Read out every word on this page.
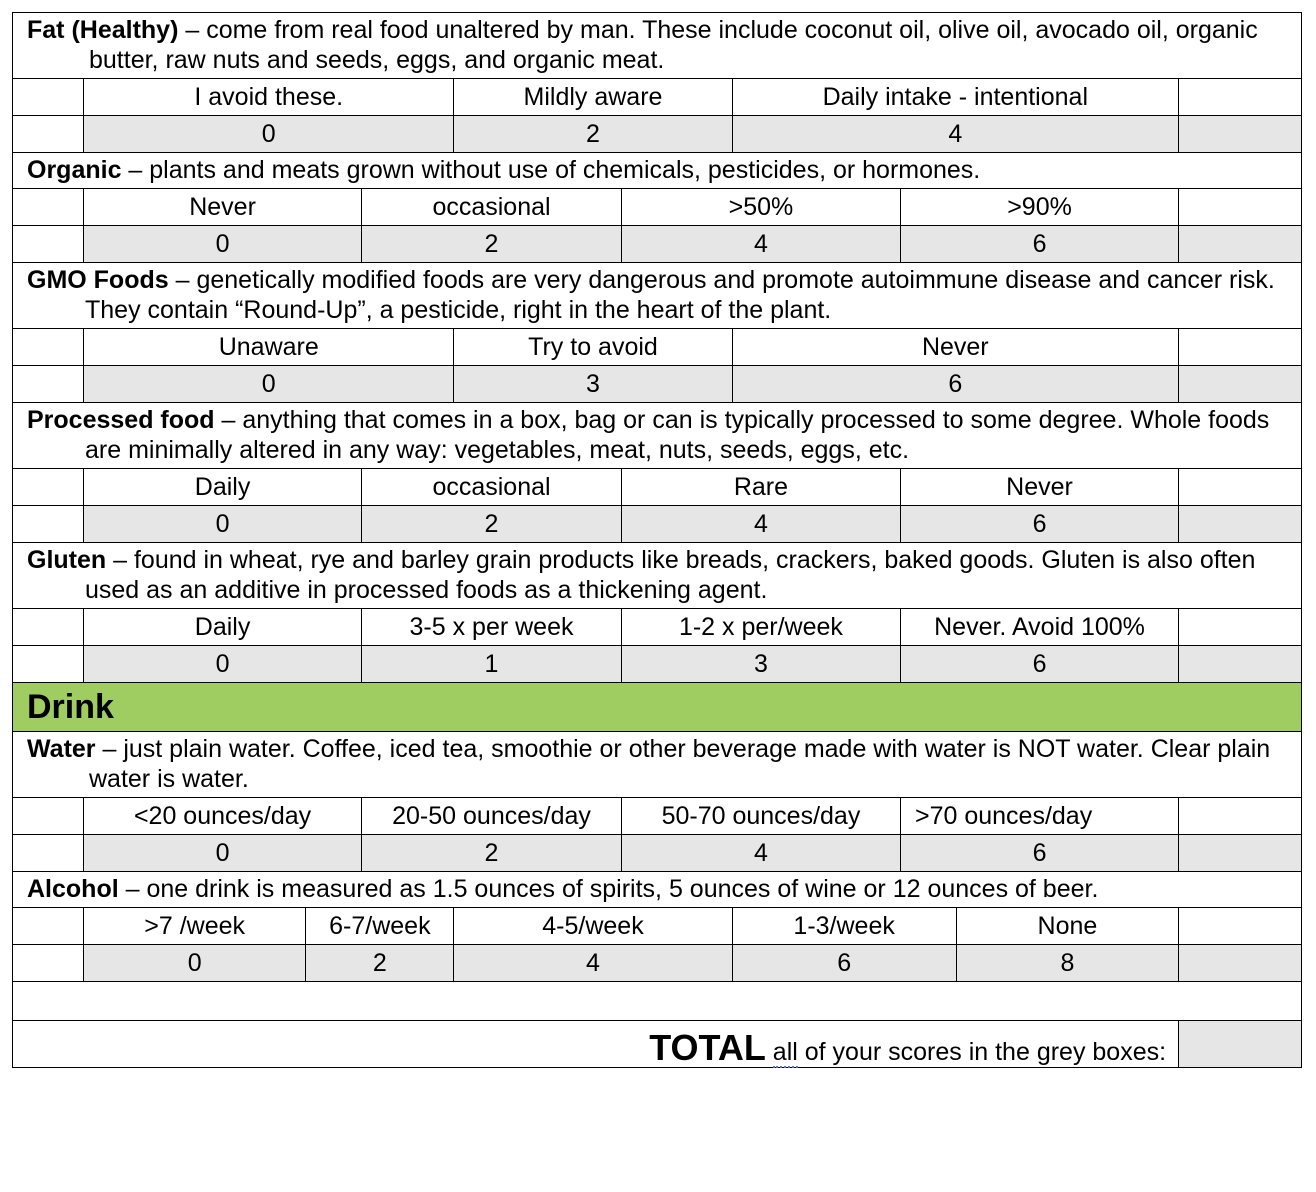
Fat (Healthy) – come from real food unaltered by man. These include coconut oil, olive oil, avocado oil, organic butter, raw nuts and seeds, eggs, and organic meat.									

	I avoid these.			Mildly aware		Daily intake - intentional			
	0			2		4			
Organic – plants and meats grown without use of chemicals, pesticides, or hormones.									
	Never		occasional		>50%		>90%		
	0		2		4		6		

GMO Foods – genetically modified foods are very dangerous and promote autoimmune disease and cancer risk. They contain “Round-Up”, a pesticide, right in the heart of the plant.									

	Unaware			Try to avoid		Never			
	0			3		6			

Processed food – anything that comes in a box, bag or can is typically processed to some degree. Whole foods are minimally altered in any way: vegetables, meat, nuts, seeds, eggs, etc.									

	Daily		occasional		Rare		Never		
	0		2		4		6		

Gluten – found in wheat, rye and barley grain products like breads, crackers, baked goods. Gluten is also often used as an additive in processed foods as a thickening agent.									

	Daily		3-5 x per week		1-2 x per/week		Never. Avoid 100%		
	0		1		3		6		
Drink									

Water – just plain water. Coffee, iced tea, smoothie or other beverage made with water is NOT water. Clear plain water is water.									

	<20 ounces/day		20-50 ounces/day		50-70 ounces/day		>70 ounces/day		
	0		2		4		6		
Alcohol – one drink is measured as 1.5 ounces of spirits, 5 ounces of wine or 12 ounces of beer.									
	>7 /week	6-7/week		4-5/week		1-3/week		None	
	0	2		4		6		8	

TOTAL all of your scores in the grey boxes:									
